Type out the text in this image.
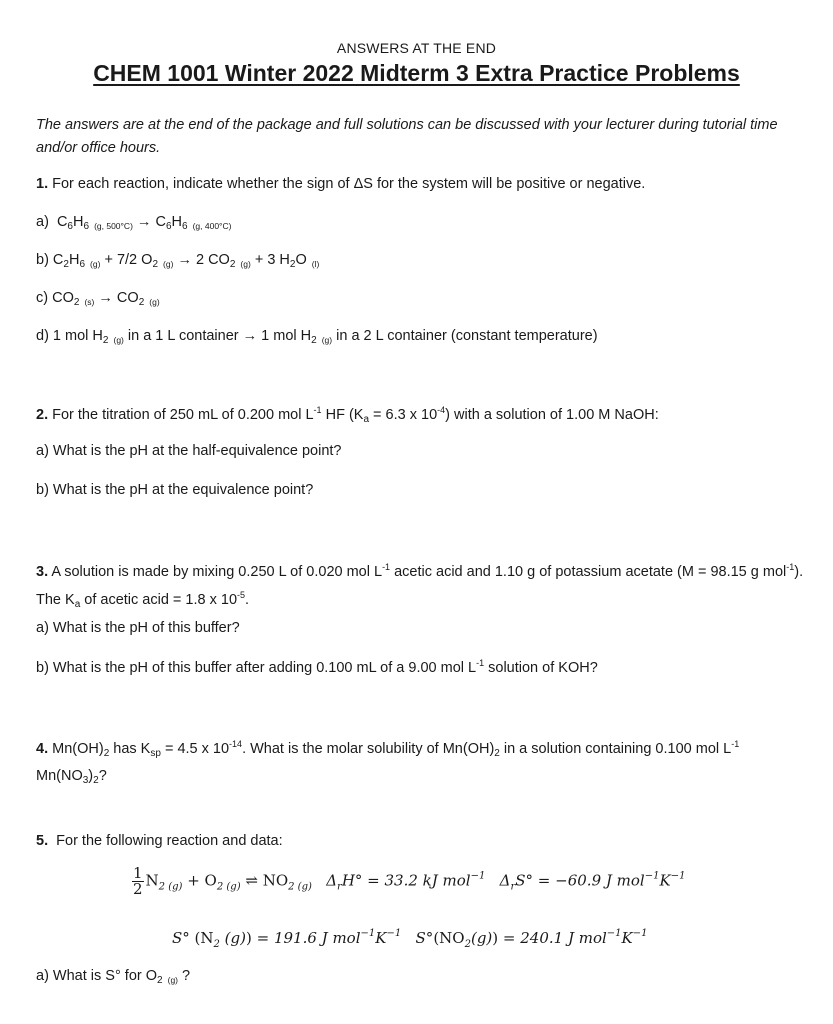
ANSWERS AT THE END
CHEM 1001 Winter 2022 Midterm 3 Extra Practice Problems
The answers are at the end of the package and full solutions can be discussed with your lecturer during tutorial time and/or office hours.
1. For each reaction, indicate whether the sign of ΔS for the system will be positive or negative.
a)  $C_6H_6$ $_{(g, 500^\circ C)} \to C_6H_6$ $_{(g, 400^\circ C)}$
b) $C_2H_6$ $_{(g)}$ + 7/2 $O_2$ $_{(g)}$ → 2 $CO_2$ $_{(g)}$ + 3 $H_2O$ $_{(l)}$
c) $CO_2$ $_{(s)} \to CO_2$ $_{(g)}$
d) 1 mol $H_2$ $_{(g)}$ in a 1 L container → 1 mol $H_2$ $_{(g)}$ in a 2 L container (constant temperature)
2. For the titration of 250 mL of 0.200 mol $L^{-1}$ HF ($K_a = 6.3$ x $10^{-4}$) with a solution of 1.00 M NaOH:
a) What is the pH at the half-equivalence point?
b) What is the pH at the equivalence point?
3. A solution is made by mixing 0.250 L of 0.020 mol $L^{-1}$ acetic acid and 1.10 g of potassium acetate (M = 98.15 g mol$^{-1}$). The $K_a$ of acetic acid = 1.8 x $10^{-5}$.
a) What is the pH of this buffer?
b) What is the pH of this buffer after adding 0.100 mL of a 9.00 mol $L^{-1}$ solution of KOH?
4. $Mn(OH)_2$ has $K_{sp} = 4.5$ x $10^{-14}$. What is the molar solubility of $Mn(OH)_2$ in a solution containing 0.100 mol $L^{-1}$ $Mn(NO_3)_2$?
5. For the following reaction and data:
$\frac{1}{2} N_{2 (g)} + O_{2 (g)}$ ⇌ $NO_{2 (g)}$   $\Delta_rH^\circ = 33.2$ kJ mol$^{-1}$   $\Delta_rS^\circ = -60.9$ J $mol^{-1}K^{-1}$
S° ($N_2$ (g)) = 191.6 J $mol^{-1}K^{-1}$   $S^\circ(NO_2(g)) = 240.1$ J $mol^{-1}K^{-1}$
a) What is S° for $O_2$ $_{(g)}$ ?
